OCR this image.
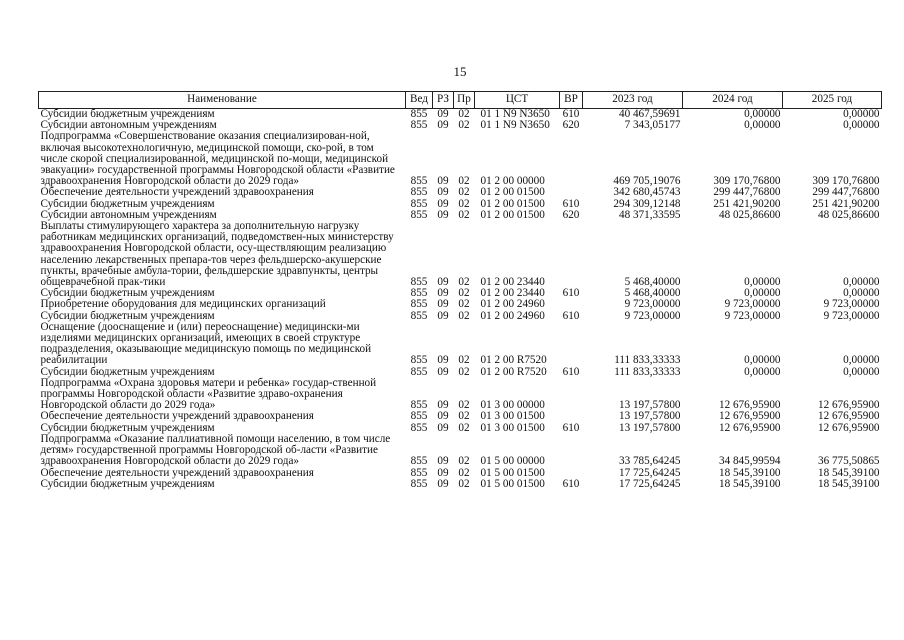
15
Наименование	Вед	РЗ	Пр	ЦСТ	ВР	2023 год	2024 год	2025 год
Субсидии бюджетным учреждениям	855	09	02	01 1 N9 N3650	610	40 467,59691	0,00000	0,00000
Субсидии автономным учреждениям	855	09	02	01 1 N9 N3650	620	7 343,05177	0,00000	0,00000
Подпрограмма «Совершенствование оказания специализирован-ной, включая высокотехнологичную, медицинской помощи, ско-рой, в том числе скорой специализированной, медицинской по-мощи, медицинской эвакуации» государственной программы Новгородской области «Развитие здравоохранения Новгородской области до 2029 года»	855	09	02	01 2 00 00000		469 705,19076	309 170,76800	309 170,76800
Обеспечение деятельности учреждений здравоохранения	855	09	02	01 2 00 01500		342 680,45743	299 447,76800	299 447,76800
Субсидии бюджетным учреждениям	855	09	02	01 2 00 01500	610	294 309,12148	251 421,90200	251 421,90200
Субсидии автономным учреждениям	855	09	02	01 2 00 01500	620	48 371,33595	48 025,86600	48 025,86600
Выплаты стимулирующего характера за дополнительную нагрузку работникам медицинских организаций, подведомствен-ных министерству здравоохранения Новгородской области, осу-ществляющим реализацию населению лекарственных препара-тов через фельдшерско-акушерские пункты, врачебные амбула-тории, фельдшерские здравпункты, центры общеврачебной прак-тики	855	09	02	01 2 00 23440		5 468,40000	0,00000	0,00000
Субсидии бюджетным учреждениям	855	09	02	01 2 00 23440	610	5 468,40000	0,00000	0,00000
Приобретение оборудования для медицинских организаций	855	09	02	01 2 00 24960		9 723,00000	9 723,00000	9 723,00000
Субсидии бюджетным учреждениям	855	09	02	01 2 00 24960	610	9 723,00000	9 723,00000	9 723,00000
Оснащение (дооснащение и (или) переоснащение) медицински-ми изделиями медицинских организаций, имеющих в своей структуре подразделения, оказывающие медицинскую помощь по медицинской реабилитации	855	09	02	01 2 00 R7520		111 833,33333	0,00000	0,00000
Субсидии бюджетным учреждениям	855	09	02	01 2 00 R7520	610	111 833,33333	0,00000	0,00000
Подпрограмма «Охрана здоровья матери и ребенка» государ-ственной программы Новгородской области «Развитие здраво-охранения Новгородской области до 2029 года»	855	09	02	01 3 00 00000		13 197,57800	12 676,95900	12 676,95900
Обеспечение деятельности учреждений здравоохранения	855	09	02	01 3 00 01500		13 197,57800	12 676,95900	12 676,95900
Субсидии бюджетным учреждениям	855	09	02	01 3 00 01500	610	13 197,57800	12 676,95900	12 676,95900
Подпрограмма «Оказание паллиативной помощи населению, в том числе детям» государственной программы Новгородской об-ласти «Развитие здравоохранения Новгородской области до 2029 года»	855	09	02	01 5 00 00000		33 785,64245	34 845,99594	36 775,50865
Обеспечение деятельности учреждений здравоохранения	855	09	02	01 5 00 01500		17 725,64245	18 545,39100	18 545,39100
Субсидии бюджетным учреждениям	855	09	02	01 5 00 01500	610	17 725,64245	18 545,39100	18 545,39100
